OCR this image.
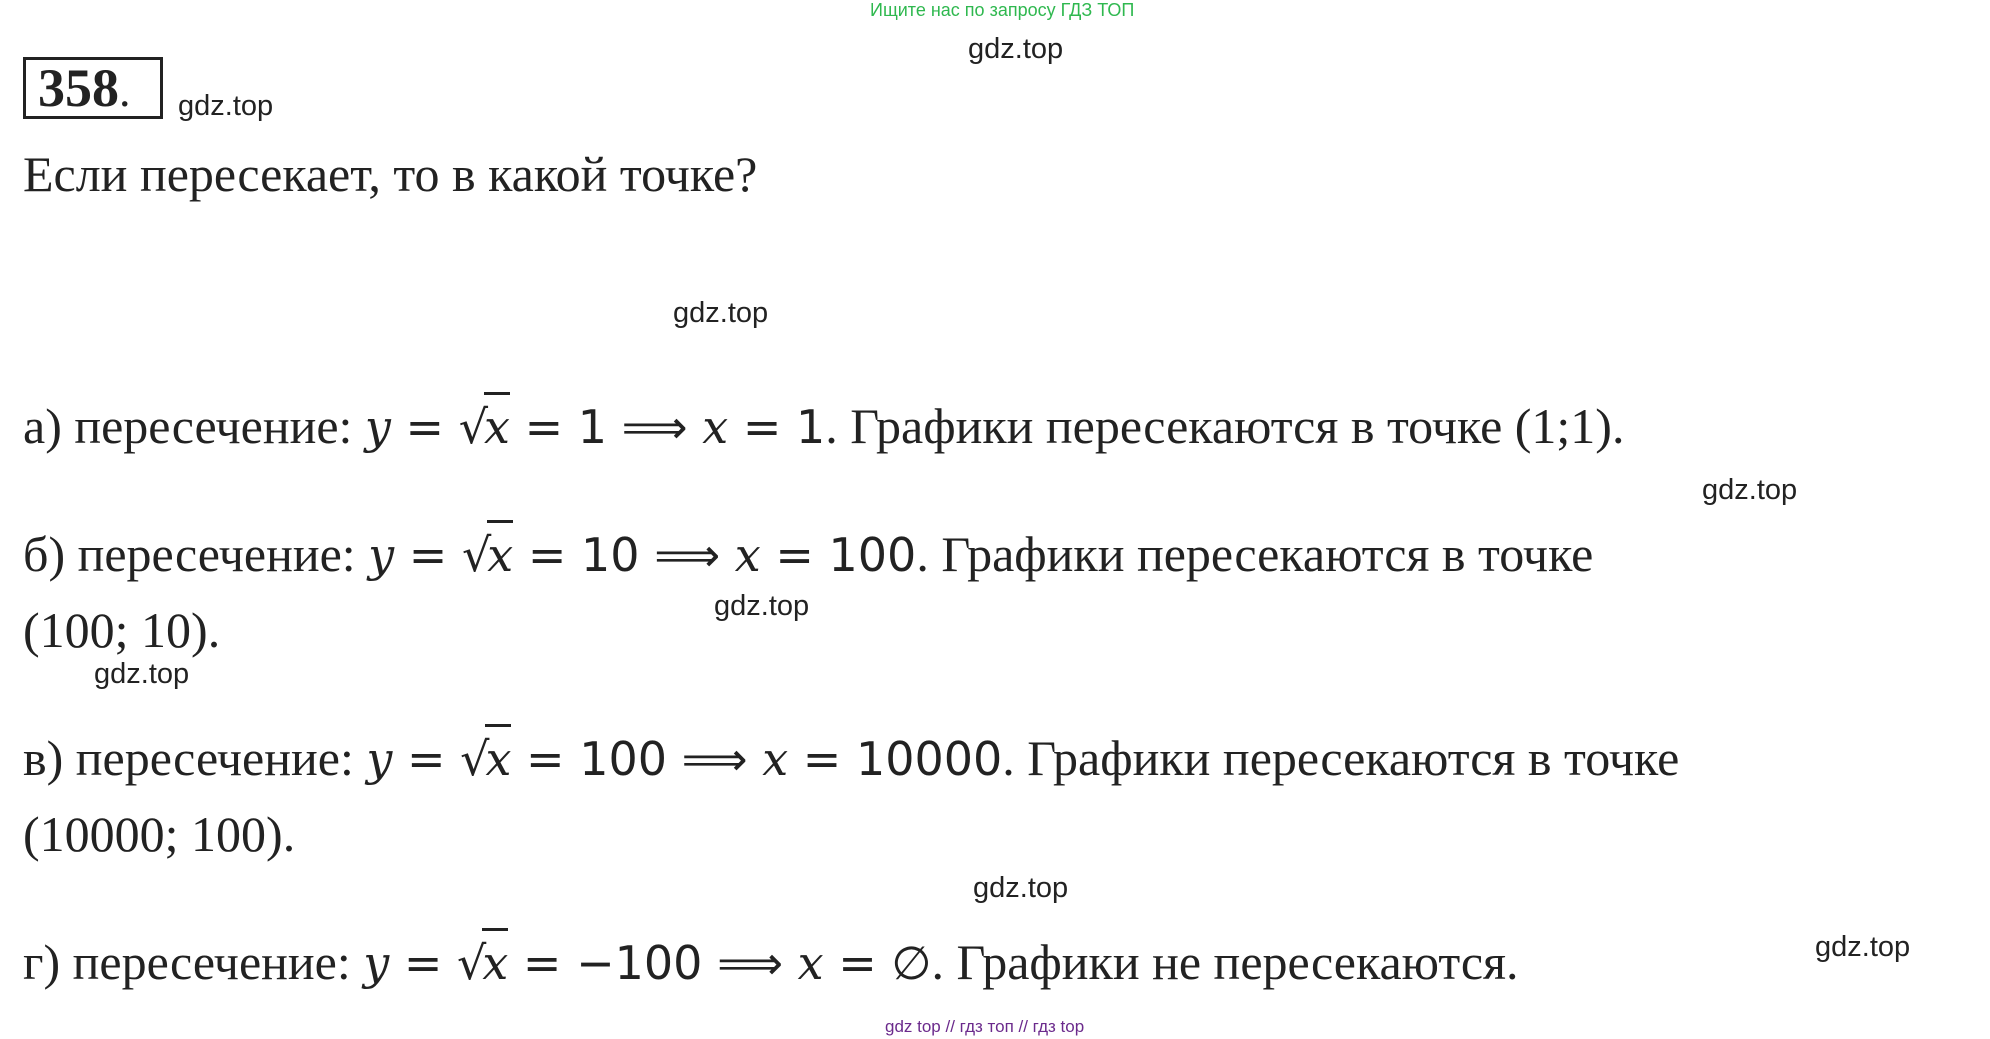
Ищите нас по запросу ГДЗ ТОП
gdz.top
gdz.top
gdz.top
gdz.top
gdz.top
gdz.top
gdz.top
gdz.top
358.
Если пересекает, то в какой точке?
а) пересечение: y = √x = 1 ⟹ x = 1. Графики пересекаются в точке (1;1).
б) пересечение: y = √x = 10 ⟹ x = 100. Графики пересекаются в точке
(100; 10).
в) пересечение: y = √x = 100 ⟹ x = 10000. Графики пересекаются в точке
(10000; 100).
г) пересечение: y = √x = −100 ⟹ x = ∅. Графики не пересекаются.
gdz top // гдз топ // гдз top
